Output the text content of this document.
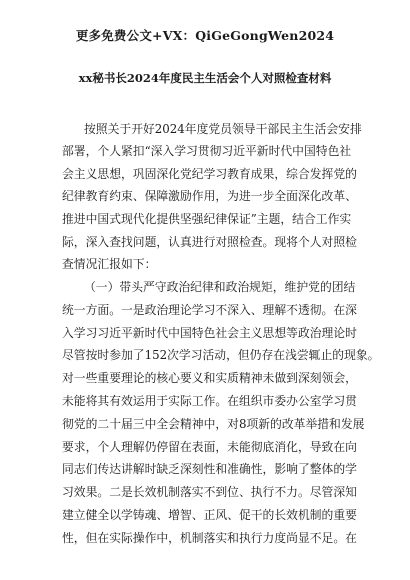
更多免费公文+VX：QiGeGongWen2024
xx秘书长2024年度民主生活会个人对照检查材料
按照关于开好2024年度党员领导干部民主生活会安排
部署，个人紧扣“深入学习贯彻习近平新时代中国特色社
会主义思想，巩固深化党纪学习教育成果，综合发挥党的
纪律教育约束、保障激励作用，为进一步全面深化改革、
推进中国式现代化提供坚强纪律保证”主题，结合工作实
际，深入查找问题，认真进行对照检查。现将个人对照检
查情况汇报如下：
（一）带头严守政治纪律和政治规矩，维护党的团结
统一方面。一是政治理论学习不深入、理解不透彻。在深
入学习习近平新时代中国特色社会主义思想等政治理论时
尽管按时参加了152次学习活动，但仍存在浅尝辄止的现象。
对一些重要理论的核心要义和实质精神未做到深刻领会，
未能将其有效运用于实际工作。在组织市委办公室学习贯
彻党的二十届三中全会精神中，对8项新的改革举措和发展
要求，个人理解仍停留在表面，未能彻底消化，导致在向
同志们传达讲解时缺乏深刻性和准确性，影响了整体的学
习效果。二是长效机制落实不到位、执行不力。尽管深知
建立健全以学铸魂、增智、正风、促干的长效机制的重要
性，但在实际操作中，机制落实和执行力度尚显不足。在
